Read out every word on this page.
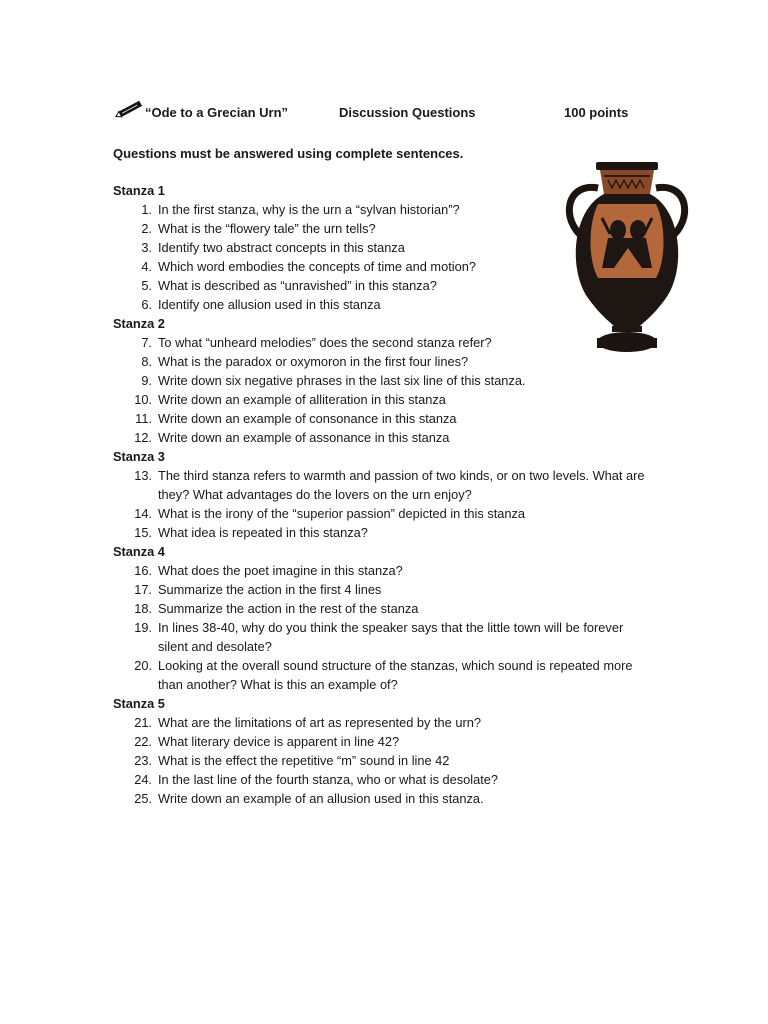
“Ode to a Grecian Urn”	Discussion Questions	100 points
Questions must be answered using complete sentences.
Stanza 1
1. In the first stanza, why is the urn a “sylvan historian”?
2. What is the “flowery tale” the urn tells?
3. Identify two abstract concepts in this stanza
4. Which word embodies the concepts of time and motion?
5. What is described as “unravished” in this stanza?
6. Identify one allusion used in this stanza
Stanza 2
7. To what “unheard melodies” does the second stanza refer?
8. What is the paradox or oxymoron in the first four lines?
9. Write down six negative phrases in the last six line of this stanza.
10. Write down an example of alliteration in this stanza
11. Write down an example of consonance in this stanza
12. Write down an example of assonance in this stanza
Stanza 3
13. The third stanza refers to warmth and passion of two kinds, or on two levels. What are they? What advantages do the lovers on the urn enjoy?
14. What is the irony of the “superior passion” depicted in this stanza
15. What idea is repeated in this stanza?
Stanza 4
16. What does the poet imagine in this stanza?
17. Summarize the action in the first 4 lines
18. Summarize the action in the rest of the stanza
19. In lines 38-40, why do you think the speaker says that the little town will be forever silent and desolate?
20. Looking at the overall sound structure of the stanzas, which sound is repeated more than another? What is this an example of?
Stanza 5
21. What are the limitations of art as represented by the urn?
22. What literary device is apparent in line 42?
23. What is the effect the repetitive “m” sound in line 42
24. In the last line of the fourth stanza, who or what is desolate?
25. Write down an example of an allusion used in this stanza.
